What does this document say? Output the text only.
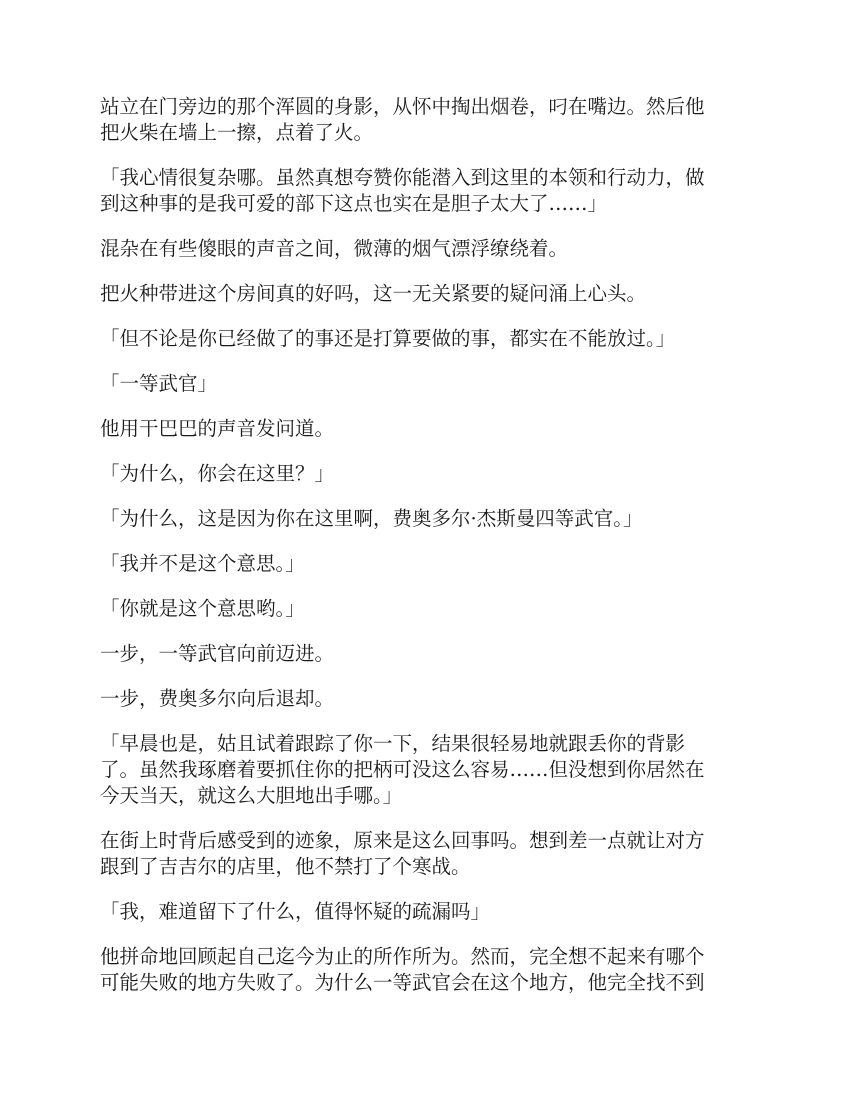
站立在门旁边的那个浑圆的身影，从怀中掏出烟卷，叼在嘴边。然后他
把火柴在墙上一擦，点着了火。

「我心情很复杂哪。虽然真想夸赞你能潜入到这里的本领和行动力，做
到这种事的是我可爱的部下这点也实在是胆子太大了……」

混杂在有些傻眼的声音之间，微薄的烟气漂浮缭绕着。

把火种带进这个房间真的好吗，这一无关紧要的疑问涌上心头。

「但不论是你已经做了的事还是打算要做的事，都实在不能放过。」

「一等武官」

他用干巴巴的声音发问道。

「为什么，你会在这里？」

「为什么，这是因为你在这里啊，费奥多尔·杰斯曼四等武官。」

「我并不是这个意思。」

「你就是这个意思哟。」

一步，一等武官向前迈进。

一步，费奥多尔向后退却。

「早晨也是，姑且试着跟踪了你一下，结果很轻易地就跟丢你的背影
了。虽然我琢磨着要抓住你的把柄可没这么容易……但没想到你居然在
今天当天，就这么大胆地出手哪。」

在街上时背后感受到的迹象，原来是这么回事吗。想到差一点就让对方
跟到了吉吉尔的店里，他不禁打了个寒战。

「我，难道留下了什么，值得怀疑的疏漏吗」

他拼命地回顾起自己迄今为止的所作所为。然而，完全想不起来有哪个
可能失败的地方失败了。为什么一等武官会在这个地方，他完全找不到
